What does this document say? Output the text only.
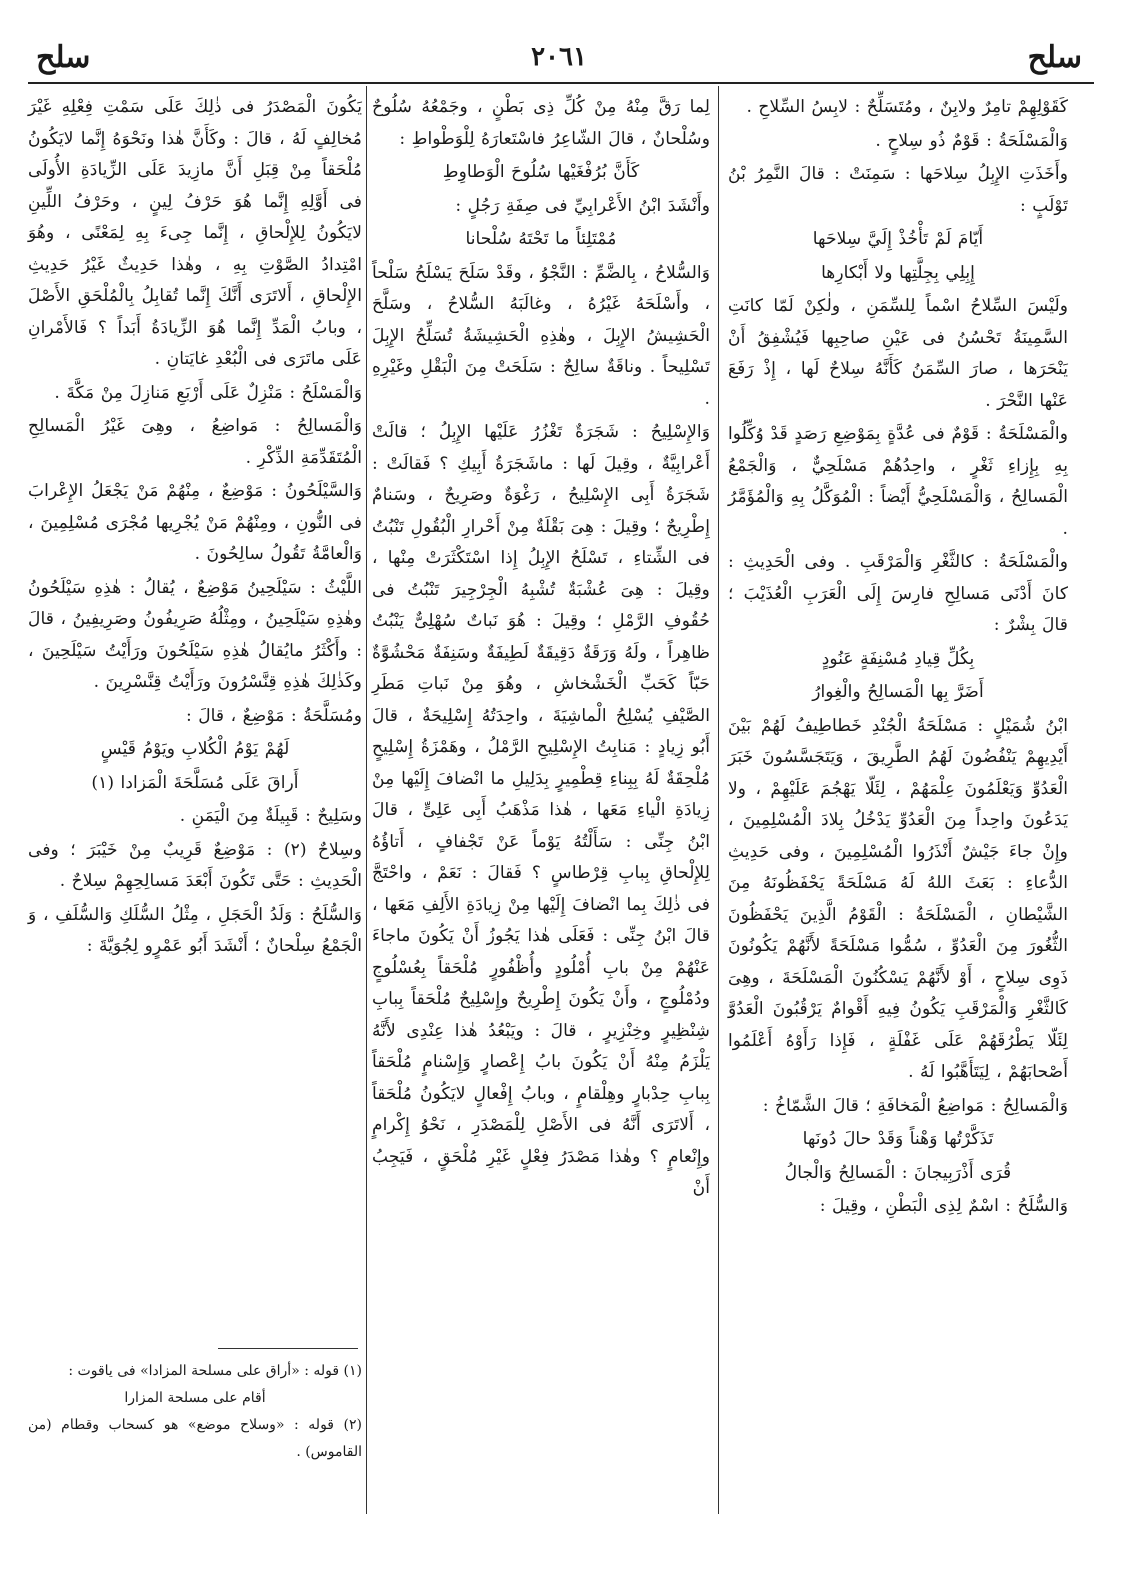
سلح
٢٠٦١
سلح

كَقَوْلِهِمْ تامِرٌ ولابِنٌ ، ومُتَسَلِّحٌ : لابِسُ السِّلاحِ .

وَالْمَسْلَحَةُ : قَوْمٌ ذُو سِلاحٍ .

وأَخَذَتِ الإِبِلُ سِلاحَها : سَمِنَتْ : قالَ النَّمِرُ بْنُ تَوْلَبٍ :

أَيّامَ لَمْ تَأْخُذْ إِلَيَّ سِلاحَها

إِبِلِي بِجِلَّتِها ولا أَبْكارِها

ولَيْسَ السِّلاحُ اسْماً لِلسِّمَنِ ، ولٰكِنْ لَمّا كانَتِ السَّمِينَةُ تَحْسُنُ فى عَيْنِ صاحِبِها فَيُشْفِقُ أَنْ يَنْحَرَها ، صارَ السِّمَنُ كَأَنَّهُ سِلاحٌ لَها ، إِذْ رَفَعَ عَنْها النَّحْرَ .

والْمَسْلَحَةُ : قَوْمٌ فى عُدَّةٍ بِمَوْضِعِ رَصَدٍ قَدْ وُكِّلُوا بِهِ بِإِزاءِ ثَغْرٍ ، واحِدُهُمْ مَسْلَحِيٌّ ، وَالْجَمْعُ الْمَسالِحُ ، وَالْمَسْلَحِيُّ أَيْضاً : الْمُوَكَّلُ بِهِ وَالْمُؤَمَّرُ .

والْمَسْلَحَةُ : كالثَّغْرِ وَالْمَرْقَبِ . وفى الْحَدِيثِ : كانَ أَدْنَى مَسالِحِ فارِسَ إِلَى الْعَرَبِ الْعُذَيْبَ ؛ قالَ بِشْرٌ :

بِكُلِّ قِيادِ مُسْنِفَةٍ عَنُودٍ

أَضَرَّ بِها الْمَسالِحُ والْغِوارُ

ابْنُ شُمَيْلٍ : مَسْلَحَةُ الْجُنْدِ خَطاطِيفُ لَهُمْ بَيْنَ أَيْدِيهِمْ يَنْفُضُونَ لَهُمُ الطَّرِيقَ ، وَيَتَجَسَّسُونَ خَبَرَ الْعَدُوِّ وَيَعْلَمُونَ عِلْمَهُمْ ، لِئَلّا يَهْجُمَ عَلَيْهِمْ ، ولا يَدَعُونَ واحِداً مِنَ الْعَدُوِّ يَدْخُلُ بِلادَ الْمُسْلِمِينَ ، وإِنْ جاءَ جَيْشٌ أَنْذَرُوا الْمُسْلِمِينَ ، وفى حَدِيثِ الدُّعاءِ : بَعَثَ اللهُ لَهُ مَسْلَحَةً يَحْفَظُونَهُ مِنَ الشَّيْطانِ ، الْمَسْلَحَةُ : الْقَوْمُ الَّذِينَ يَحْفَظُونَ الثُّغُورَ مِنَ الْعَدُوِّ ، سُمُّوا مَسْلَحَةً لأَنَّهُمْ يَكُونُونَ ذَوِى سِلاحٍ ، أَوْ لأَنَّهُمْ يَسْكُنُونَ الْمَسْلَحَةَ ، وهِىَ كَالثَّغْرِ وَالْمَرْقَبِ يَكُونُ فِيهِ أَقْوامٌ يَرْقُبُونَ الْعَدُوَّ لِئَلّا يَطْرُقَهُمْ عَلَى غَفْلَةٍ ، فَإِذا رَأَوْهُ أَعْلَمُوا أَصْحابَهُمْ ، لِيَتَأَهَّبُوا لَهُ .

وَالْمَسالِحُ : مَواضِعُ الْمَخافَةِ ؛ قالَ الشَّمّاخُ :

تَذَكَّرْتُها وَهْناً وَقَدْ حالَ دُونَها

قُرَى أَذْرَبِيجانَ : الْمَسالِحُ وَالْجالُ

وَالسُّلَحُ : اسْمٌ لِذِى الْبَطْنِ ، وقِيلَ :

لِما رَقَّ مِنْهُ مِنْ كُلِّ ذِى بَطْنٍ ، وجَمْعُهُ سُلُوحٌ وسُلْحانٌ ، قالَ الشّاعِرُ فاسْتَعارَهُ لِلْوَطْواطِ :

كَأَنَّ بُرُفْغَيْها سُلُوحَ الْوَطاوِطِ

وأَنْشَدَ ابْنُ الأَعْرابِيِّ فى صِفَةِ رَجُلٍ :

مُمْتَلِئاً ما تَحْتَهُ سُلْحانا

وَالسُّلاحُ ، بِالضَّمِّ : النَّجْوُ ، وقَدْ سَلَحَ يَسْلَحُ سَلْحاً ، وأَسْلَحَهُ غَيْرُهُ ، وغالَبَهُ السُّلاحُ ، وسَلَّحَ الْحَشِيشُ الإِبِلَ ، وهٰذِهِ الْحَشِيشَةُ تُسَلِّحُ الإِبِلَ تَسْلِيحاً . وناقَةٌ سالِحٌ : سَلَحَتْ مِنَ الْبَقْلِ وغَيْرِهِ .

وَالإِسْلِيحُ : شَجَرَةٌ تَغْزُرُ عَلَيْها الإِبِلُ ؛ قالَتْ أَعْرابِيَّةٌ ، وقِيلَ لَها : ماشَجَرَةُ أَبِيكِ ؟ فَقالَتْ : شَجَرَةُ أَبِى الإِسْلِيحُ ، رَغْوَةٌ وصَرِيحٌ ، وسَنامٌ إِطْرِيحٌ ؛ وقِيلَ : هِىَ بَقْلَةٌ مِنْ أَحْرارِ الْبُقُولِ تَنْبُتُ فى الشِّتاءِ ، تَسْلَحُ الإِبِلُ إِذا اسْتَكْثَرَتْ مِنْها ، وقِيلَ : هِىَ عُشْبَةٌ تُشْبِهُ الْجِرْجِيرَ تَنْبُتُ فى حُقُوفِ الرَّمْلِ ؛ وقِيلَ : هُوَ نَباتٌ سُهْلِىٌّ يَنْبُتُ ظاهِراً ، ولَهُ وَرَقَةٌ دَقِيقَةٌ لَطِيفَةٌ وسَنِفَةٌ مَحْشُوَّةٌ حَبّاً كَحَبِّ الْخَشْخاشِ ، وهُوَ مِنْ نَباتِ مَطَرِ الصَّيْفِ يُسْلِحُ الْماشِيَةَ ، واحِدَتُهُ إِسْلِيحَةٌ ، قالَ أَبُو زِيادٍ : مَنابِتُ الإِسْلِيحِ الرَّمْلُ ، وهَمْزَةُ إِسْلِيحٍ مُلْحِقَةٌ لَهُ بِبِناءِ قِطْمِيرٍ بِدَلِيلِ ما انْضافَ إِلَيْها مِنْ زِيادَةِ الْياءِ مَعَها ، هٰذا مَذْهَبُ أَبِى عَلِىٍّ ، قالَ ابْنُ جِنِّى : سَأَلْتُهُ يَوْماً عَنْ تَجْفافٍ ، أَتاؤُهُ لِلإِلْحاقِ بِبابِ قِرْطاسٍ ؟ فَقالَ : نَعَمْ ، واحْتَجَّ فى ذٰلِكَ بِما انْضافَ إِلَيْها مِنْ زِيادَةِ الأَلِفِ مَعَها ، قالَ ابْنُ جِنِّى : فَعَلَى هٰذا يَجُوزُ أَنْ يَكُونَ ماجاءَ عَنْهُمْ مِنْ بابِ أُمْلُودٍ وأُظْفُورٍ مُلْحَقاً بِعُسْلُوجٍ ودُمْلُوجٍ ، وأَنْ يَكُونَ إِطْرِيحٌ وإِسْلِيحٌ مُلْحَقاً بِبابِ شِنْظِيرٍ وخِنْزِيرٍ ، قالَ : ويَبْعُدُ هٰذا عِنْدِى لأَنَّهُ يَلْزَمُ مِنْهُ أَنْ يَكُونَ بابُ إِعْصارٍ وَإِسْنامٍ مُلْحَقاً بِبابِ حِدْبارٍ وهِلْقامٍ ، وبابُ إِفْعالٍ لايَكُونُ مُلْحَقاً ، أَلاتَرَى أَنَّهُ فى الأَصْلِ لِلْمَصْدَرِ ، نَحْوُ إِكْرامٍ وإِنْعامٍ ؟ وهٰذا مَصْدَرُ فِعْلٍ غَيْرِ مُلْحَقٍ ، فَيَجِبُ أَنْ

يَكُونَ الْمَصْدَرُ فى ذٰلِكَ عَلَى سَمْتِ فِعْلِهِ غَيْرَ مُخالِفٍ لَهُ ، قالَ : وكَأَنَّ هٰذا ونَحْوَهُ إِنَّما لايَكُونُ مُلْحَقاً مِنْ قِبَلِ أَنَّ مازِيدَ عَلَى الزِّيادَةِ الأُولَى فى أَوَّلِهِ إِنَّما هُوَ حَرْفُ لِينٍ ، وحَرْفُ اللِّينِ لايَكُونُ لِلإِلْحاقِ ، إِنَّما جِىءَ بِهِ لِمَعْنًى ، وهُوَ امْتِدادُ الصَّوْتِ بِهِ ، وهٰذا حَدِيثٌ غَيْرُ حَدِيثِ الإِلْحاقِ ، أَلاتَرَى أَنَّكَ إِنَّما تُقابِلُ بِالْمُلْحَقِ الأَصْلَ ، وبابُ الْمَدِّ إِنَّما هُوَ الزِّيادَةُ أَبَداً ؟ فَالأَمْرانِ عَلَى ماتَرَى فى الْبُعْدِ غايَتانِ .

وَالْمَسْلَحُ : مَنْزِلٌ عَلَى أَرْبَعِ مَنازِلَ مِنْ مَكَّةَ .

وَالْمَسالِحُ : مَواضِعُ ، وهِىَ غَيْرُ الْمَسالِحِ الْمُتَقَدِّمَةِ الذِّكْرِ .

وَالسَّيْلَحُونُ : مَوْضِعٌ ، مِنْهُمْ مَنْ يَجْعَلُ الإِعْرابَ فى النُّونِ ، ومِنْهُمْ مَنْ يُجْرِيها مُجْرَى مُسْلِمِينَ ، وَالْعامَّةُ تَقُولُ سالِحُونَ .

اللَّيْثُ : سَيْلَحِينُ مَوْضِعٌ ، يُقالُ : هٰذِهِ سَيْلَحُونُ وهٰذِهِ سَيْلَحِينُ ، ومِثْلُهُ صَرِيفُونُ وصَرِيفِينُ ، قالَ : وأَكْثَرُ مايُقالُ هٰذِهِ سَيْلَحُونَ ورَأَيْتُ سَيْلَحِينَ ، وكَذٰلِكَ هٰذِهِ قِنَّسْرُونَ ورَأَيْتُ قِنَّسْرِينَ .

ومُسَلَّحَةُ : مَوْضِعٌ ، قالَ :

لَهُمْ يَوْمُ الْكُلابِ ويَوْمُ قَيْسٍ

أَراقَ عَلَى مُسَلَّحَةَ الْمَزادا (١)

وسَلِيحٌ : قَبِيلَةٌ مِنَ الْيَمَنِ .

وسِلاحٌ (٢) : مَوْضِعٌ قَرِيبٌ مِنْ خَيْبَرَ ؛ وفى الْحَدِيثِ : حَتَّى تَكُونَ أَبْعَدَ مَسالِحِهِمْ سِلاحٌ .

وَالسُّلَحُ : وَلَدُ الْحَجَلِ ، مِثْلُ السُّلَكِ وَالسُّلَفِ ، وَ الْجَمْعُ سِلْحانٌ ؛ أَنْشَدَ أَبُو عَمْرٍو لِجُوَيَّةَ :

(١) قوله : «أراق على مسلحة المزادا» فى ياقوت :

أقام على مسلحة المزارا

(٢) قوله : «وسلاح موضع» هو كسحاب وقطام (من القاموس) .
